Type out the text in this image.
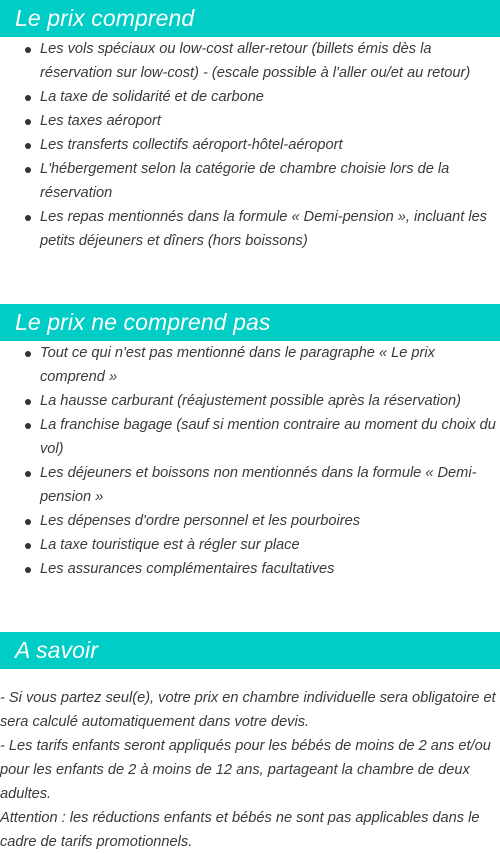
Le prix comprend
Les vols spéciaux ou low-cost aller-retour (billets émis dès la réservation sur low-cost) - (escale possible à l'aller ou/et au retour)
La taxe de solidarité et de carbone
Les taxes aéroport
Les transferts collectifs aéroport-hôtel-aéroport
L'hébergement selon la catégorie de chambre choisie lors de la réservation
Les repas mentionnés dans la formule « Demi-pension », incluant les petits déjeuners et dîners (hors boissons)
Le prix ne comprend pas
Tout ce qui n'est pas mentionné dans le paragraphe « Le prix comprend »
La hausse carburant (réajustement possible après la réservation)
La franchise bagage (sauf si mention contraire au moment du choix du vol)
Les déjeuners et boissons non mentionnés dans la formule « Demi-pension »
Les dépenses d'ordre personnel et les pourboires
La taxe touristique est à régler sur place
Les assurances complémentaires facultatives
A savoir

- Si vous partez seul(e), votre prix en chambre individuelle sera obligatoire et sera calculé automatiquement dans votre devis.

- Les tarifs enfants seront appliqués pour les bébés de moins de 2 ans et/ou pour les enfants de 2 à moins de 12 ans, partageant la chambre de deux adultes.

Attention : les réductions enfants et bébés ne sont pas applicables dans le cadre de tarifs promotionnels.
